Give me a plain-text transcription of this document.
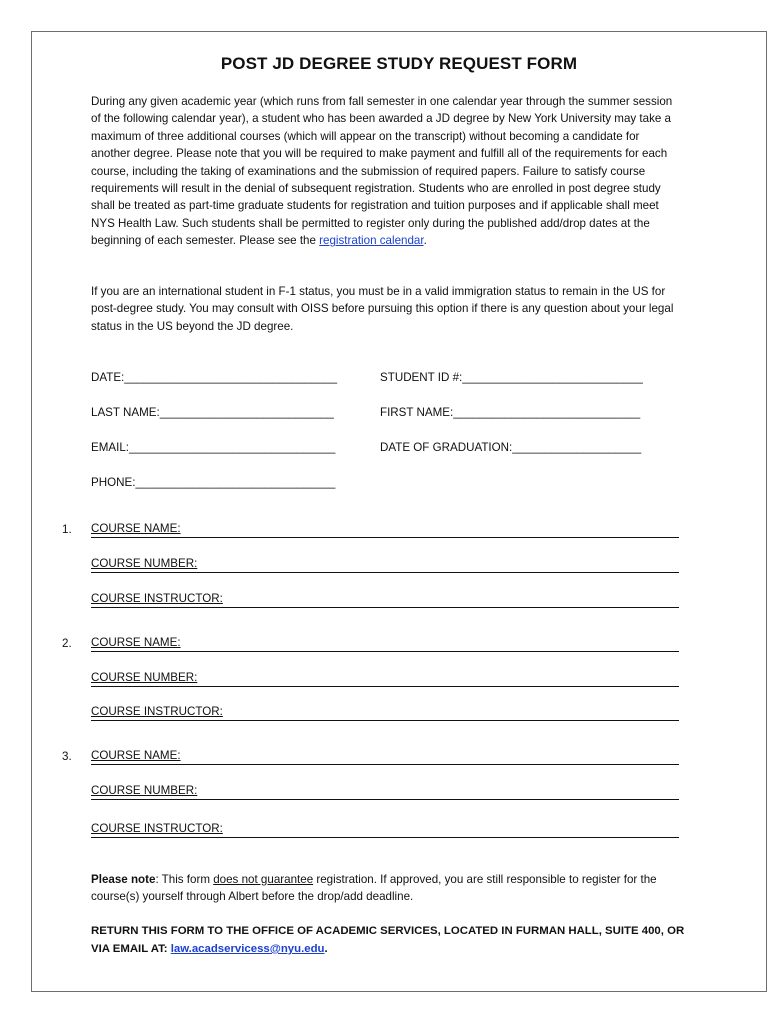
POST JD DEGREE STUDY REQUEST FORM

During any given academic year (which runs from fall semester in one calendar year through the summer session of the following calendar year), a student who has been awarded a JD degree by New York University may take a maximum of three additional courses (which will appear on the transcript) without becoming a candidate for another degree. Please note that you will be required to make payment and fulfill all of the requirements for each course, including the taking of examinations and the submission of required papers. Failure to satisfy course requirements will result in the denial of subsequent registration. Students who are enrolled in post degree study shall be treated as part-time graduate students for registration and tuition purposes and if applicable shall meet NYS Health Law. Such students shall be permitted to register only during the published add/drop dates at the beginning of each semester. Please see the registration calendar.

If you are an international student in F-1 status, you must be in a valid immigration status to remain in the US for post-degree study. You may consult with OISS before pursuing this option if there is any question about your legal status in the US beyond the JD degree.

DATE:_________________________________	STUDENT ID #:____________________________
LAST NAME:___________________________	FIRST NAME:_____________________________
EMAIL:________________________________	DATE OF GRADUATION:____________________
PHONE:_______________________________
1. COURSE NAME:
COURSE NUMBER:
COURSE INSTRUCTOR:
2. COURSE NAME:
COURSE NUMBER:
COURSE INSTRUCTOR:
3. COURSE NAME:
COURSE NUMBER:
COURSE INSTRUCTOR:

Please note: This form does not guarantee registration. If approved, you are still responsible to register for the course(s) yourself through Albert before the drop/add deadline.

RETURN THIS FORM TO THE OFFICE OF ACADEMIC SERVICES, LOCATED IN FURMAN HALL, SUITE 400, OR VIA EMAIL AT: law.acadservicess@nyu.edu.
